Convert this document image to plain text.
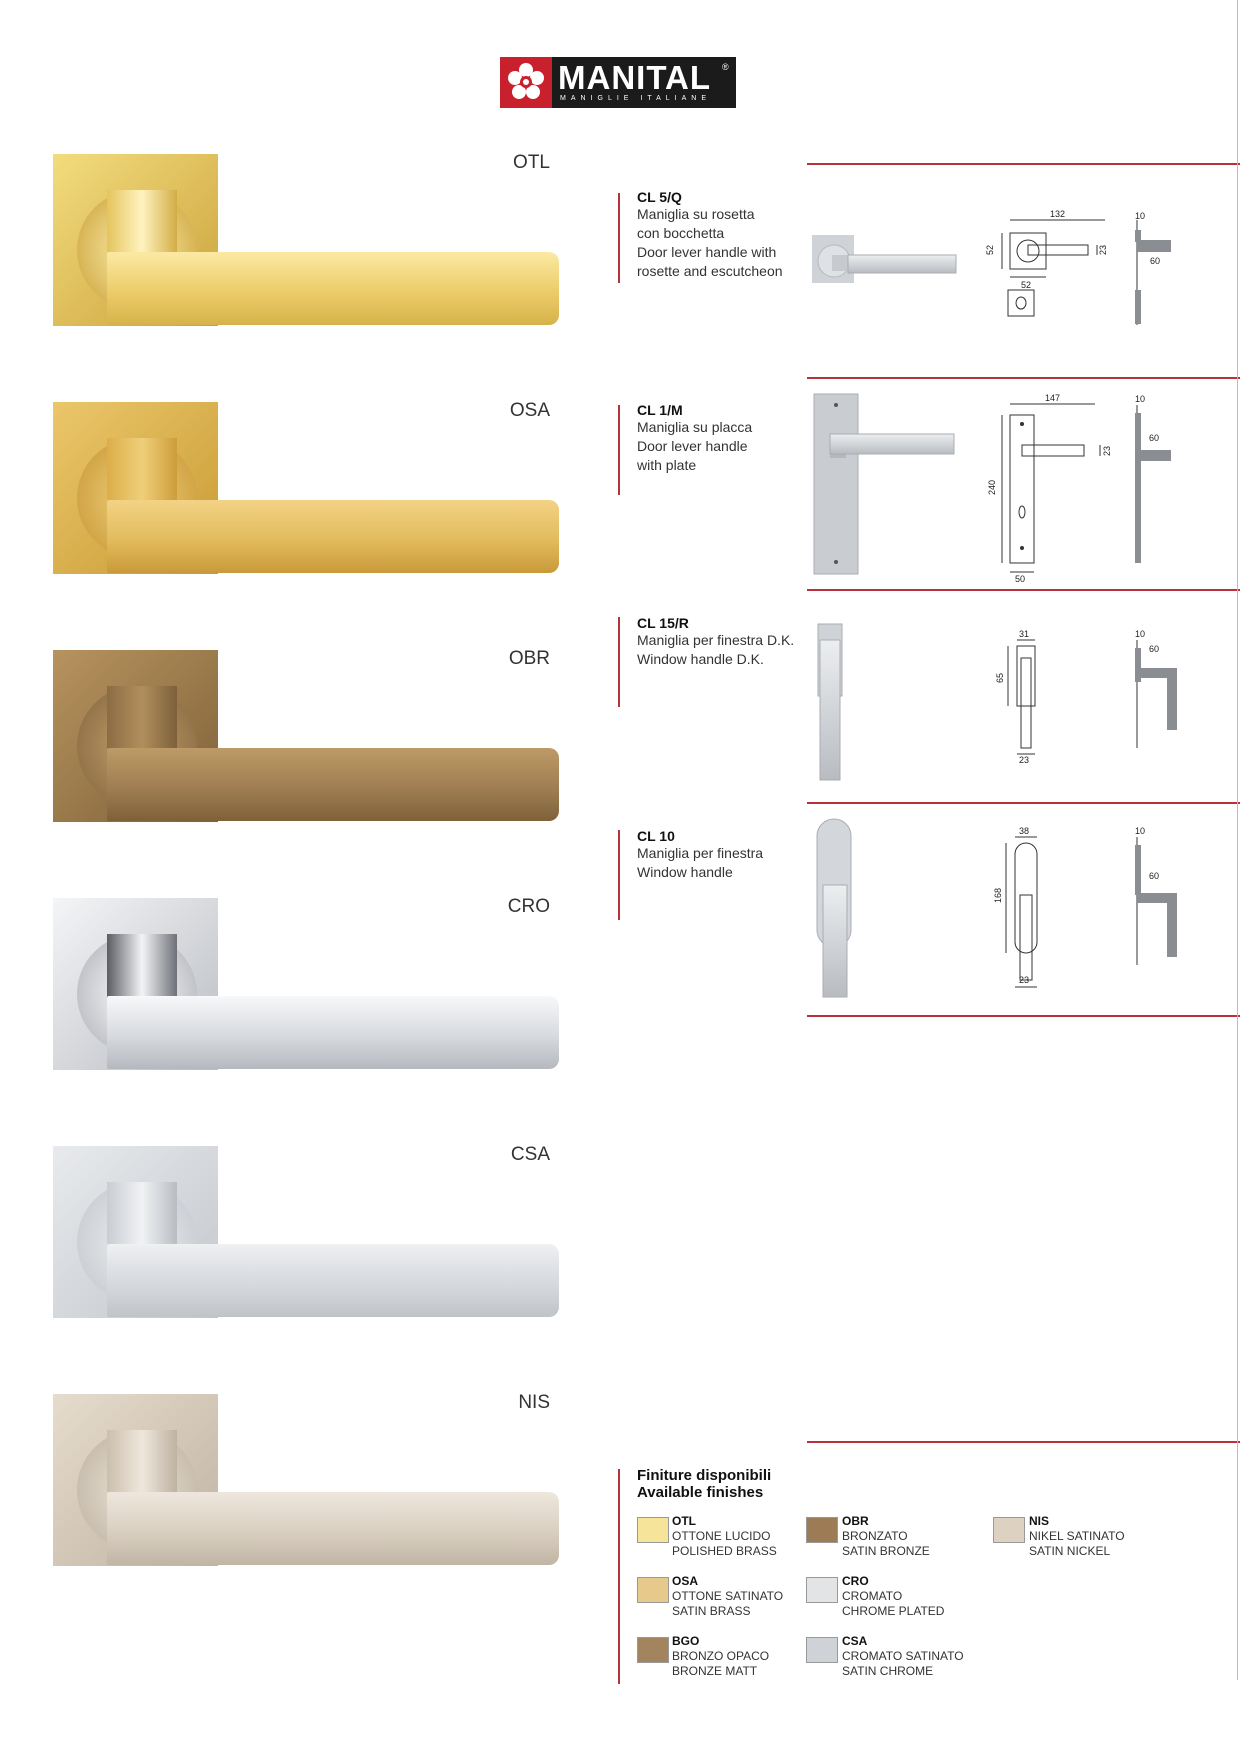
MANITAL ®
MANIGLIE ITALIANE
OTL
OSA
OBR
CRO
CSA
NIS
CL 5/Q
Maniglia su rosetta
con bocchetta
Door lever handle with
rosette and escutcheon
132
52
52
23
10
60
CL 1/M
Maniglia su placca
Door lever handle
with plate
147
240
50
23
10
60
CL 15/R
Maniglia per finestra D.K.
Window handle D.K.
31
65
23
10
60
CL 10
Maniglia per finestra
Window handle
38
168
23
10
60
Finiture disponibili
Available finishes
OTL
OTTONE LUCIDO
POLISHED BRASS
OBR
BRONZATO
SATIN BRONZE
NIS
NIKEL SATINATO
SATIN NICKEL
OSA
OTTONE SATINATO
SATIN BRASS
CRO
CROMATO
CHROME PLATED
BGO
BRONZO OPACO
BRONZE MATT
CSA
CROMATO SATINATO
SATIN CHROME
